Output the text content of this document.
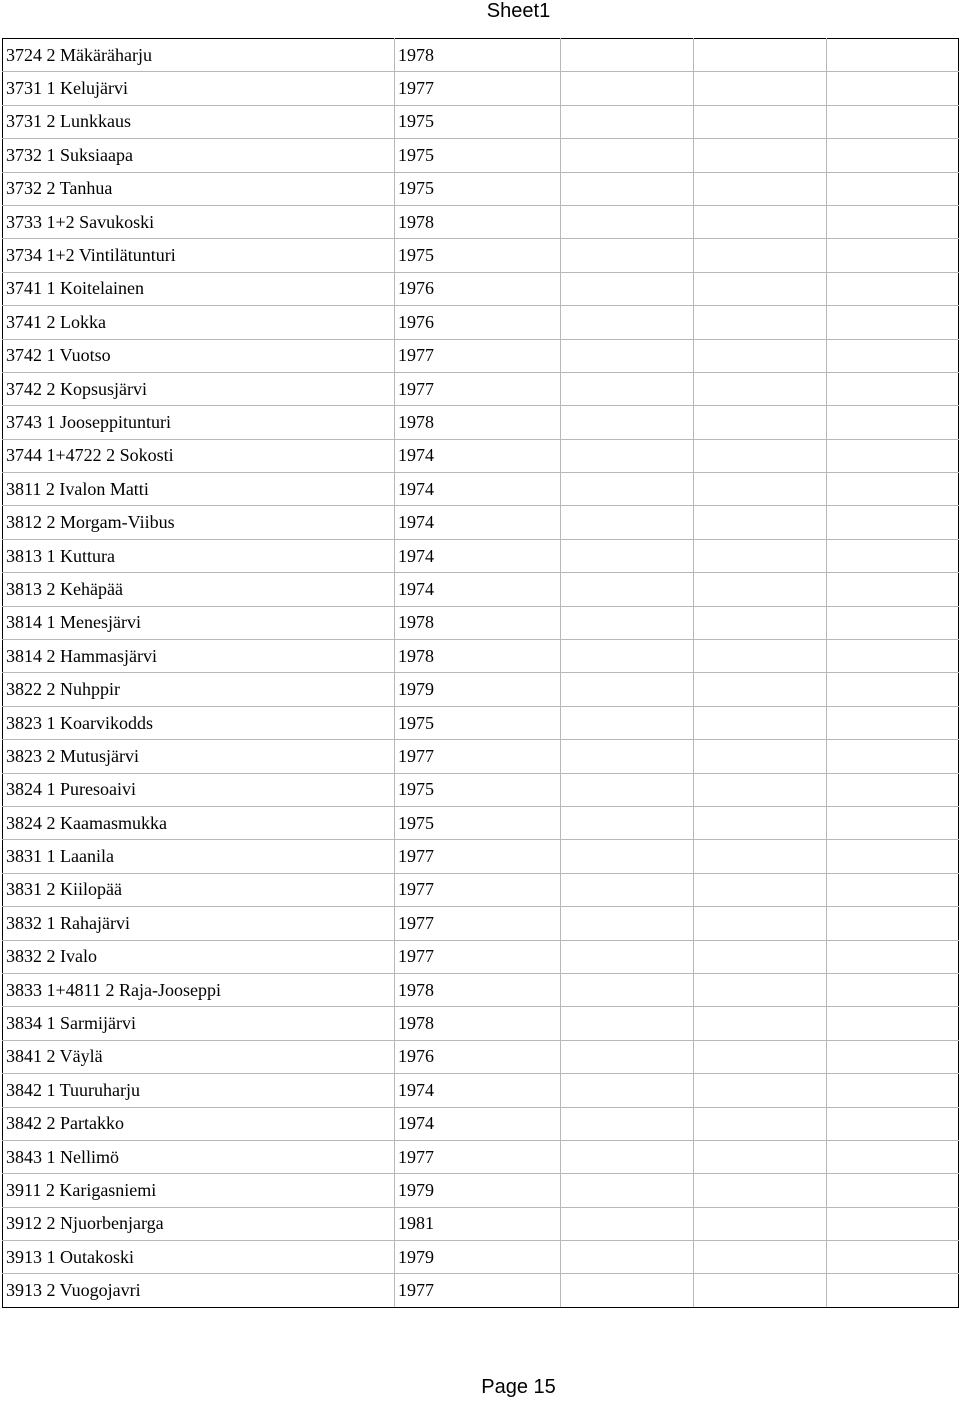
Sheet1
3724 2 Mäkäräharju	1978			
3731 1 Kelujärvi	1977			
3731 2 Lunkkaus	1975			
3732 1 Suksiaapa	1975			
3732 2 Tanhua	1975			
3733 1+2 Savukoski	1978			
3734 1+2 Vintilätunturi	1975			
3741 1 Koitelainen	1976			
3741 2 Lokka	1976			
3742 1 Vuotso	1977			
3742 2 Kopsusjärvi	1977			
3743 1 Jooseppitunturi	1978			
3744 1+4722 2 Sokosti	1974			
3811 2 Ivalon Matti	1974			
3812 2 Morgam-Viibus	1974			
3813 1 Kuttura	1974			
3813 2 Kehäpää	1974			
3814 1 Menesjärvi	1978			
3814 2 Hammasjärvi	1978			
3822 2 Nuhppir	1979			
3823 1 Koarvikodds	1975			
3823 2 Mutusjärvi	1977			
3824 1 Puresoaivi	1975			
3824 2 Kaamasmukka	1975			
3831 1 Laanila	1977			
3831 2 Kiilopää	1977			
3832 1 Rahajärvi	1977			
3832 2 Ivalo	1977			
3833 1+4811 2 Raja-Jooseppi	1978			
3834 1 Sarmijärvi	1978			
3841 2 Väylä	1976			
3842 1 Tuuruharju	1974			
3842 2 Partakko	1974			
3843 1 Nellimö	1977			
3911 2 Karigasniemi	1979			
3912 2 Njuorbenjarga	1981			
3913 1 Outakoski	1979			
3913 2 Vuogojavri	1977			
Page 15
